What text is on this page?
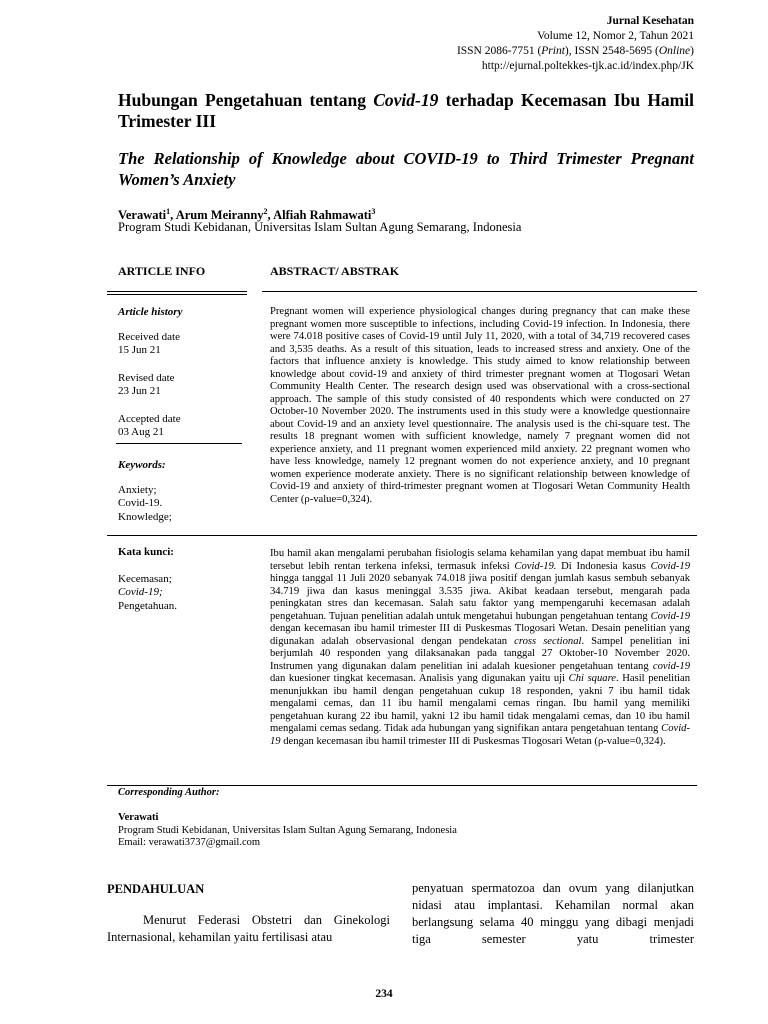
Jurnal Kesehatan
Volume 12, Nomor 2, Tahun 2021
ISSN 2086-7751 (Print), ISSN 2548-5695 (Online)
http://ejurnal.poltekkes-tjk.ac.id/index.php/JK
Hubungan Pengetahuan tentang Covid-19 terhadap Kecemasan Ibu Hamil Trimester III
The Relationship of Knowledge about COVID-19 to Third Trimester Pregnant Women’s Anxiety
Verawati$^1$, Arum Meiranny$^2$, Alfiah Rahmawati$^3$
Program Studi Kebidanan, Universitas Islam Sultan Agung Semarang, Indonesia
ARTICLE INFO	ABSTRACT/ ABSTRAK
Article history
Received date
15 Jun 21
Revised date
23 Jun 21
Accepted date
03 Aug 21
Keywords:
Anxiety;
Covid-19.
Knowledge;
Kata kunci:
Kecemasan;
Covid-19;
Pengetahuan.
Pregnant women will experience physiological changes during pregnancy that can make these pregnant women more susceptible to infections, including Covid-19 infection. In Indonesia, there were 74.018 positive cases of Covid-19 until July 11, 2020, with a total of 34,719 recovered cases and 3,535 deaths. As a result of this situation, leads to increased stress and anxiety. One of the factors that influence anxiety is knowledge. This study aimed to know relationship between knowledge about covid-19 and anxiety of third trimester pregnant women at Tlogosari Wetan Community Health Center. The research design used was observational with a cross-sectional approach. The sample of this study consisted of 40 respondents which were conducted on 27 October-10 November 2020. The instruments used in this study were a knowledge questionnaire about Covid-19 and an anxiety level questionnaire. The analysis used is the chi-square test. The results 18 pregnant women with sufficient knowledge, namely 7 pregnant women did not experience anxiety, and 11 pregnant women experienced mild anxiety. 22 pregnant women who have less knowledge, namely 12 pregnant women do not experience anxiety, and 10 pregnant women experience moderate anxiety. There is no significant relationship between knowledge of Covid-19 and anxiety of third-trimester pregnant women at Tlogosari Wetan Community Health Center (ρ-value=0,324).
Ibu hamil akan mengalami perubahan fisiologis selama kehamilan yang dapat membuat ibu hamil tersebut lebih rentan terkena infeksi, termasuk infeksi Covid-19. Di Indonesia kasus Covid-19 hingga tanggal 11 Juli 2020 sebanyak 74.018 jiwa positif dengan jumlah kasus sembuh sebanyak 34.719 jiwa dan kasus meninggal 3.535 jiwa. Akibat keadaan tersebut, mengarah pada peningkatan stres dan kecemasan. Salah satu faktor yang mempengaruhi kecemasan adalah pengetahuan. Tujuan penelitian adalah untuk mengetahui hubungan pengetahuan tentang Covid-19 dengan kecemasan ibu hamil trimester III di Puskesmas Tlogosari Wetan. Desain penelitian yang digunakan adalah observasional dengan pendekatan cross sectional. Sampel penelitian ini berjumlah 40 responden yang dilaksanakan pada tanggal 27 Oktober-10 November 2020. Instrumen yang digunakan dalam penelitian ini adalah kuesioner pengetahuan tentang covid-19 dan kuesioner tingkat kecemasan. Analisis yang digunakan yaitu uji Chi square. Hasil penelitian menunjukkan ibu hamil dengan pengetahuan cukup 18 responden, yakni 7 ibu hamil tidak mengalami cemas, dan 11 ibu hamil mengalami cemas ringan. Ibu hamil yang memiliki pengetahuan kurang 22 ibu hamil, yakni 12 ibu hamil tidak mengalami cemas, dan 10 ibu hamil mengalami cemas sedang. Tidak ada hubungan yang signifikan antara pengetahuan tentang Covid-19 dengan kecemasan ibu hamil trimester III di Puskesmas Tlogosari Wetan (ρ-value=0,324).
Corresponding Author:
Verawati
Program Studi Kebidanan, Universitas Islam Sultan Agung Semarang, Indonesia
Email: verawati3737@gmail.com
PENDAHULUAN
Menurut Federasi Obstetri dan Ginekologi Internasional, kehamilan yaitu fertilisasi atau
penyatuan spermatozoa dan ovum yang dilanjutkan nidasi atau implantasi. Kehamilan normal akan berlangsung selama 40 minggu yang dibagi menjadi tiga semester yatu trimester
234
